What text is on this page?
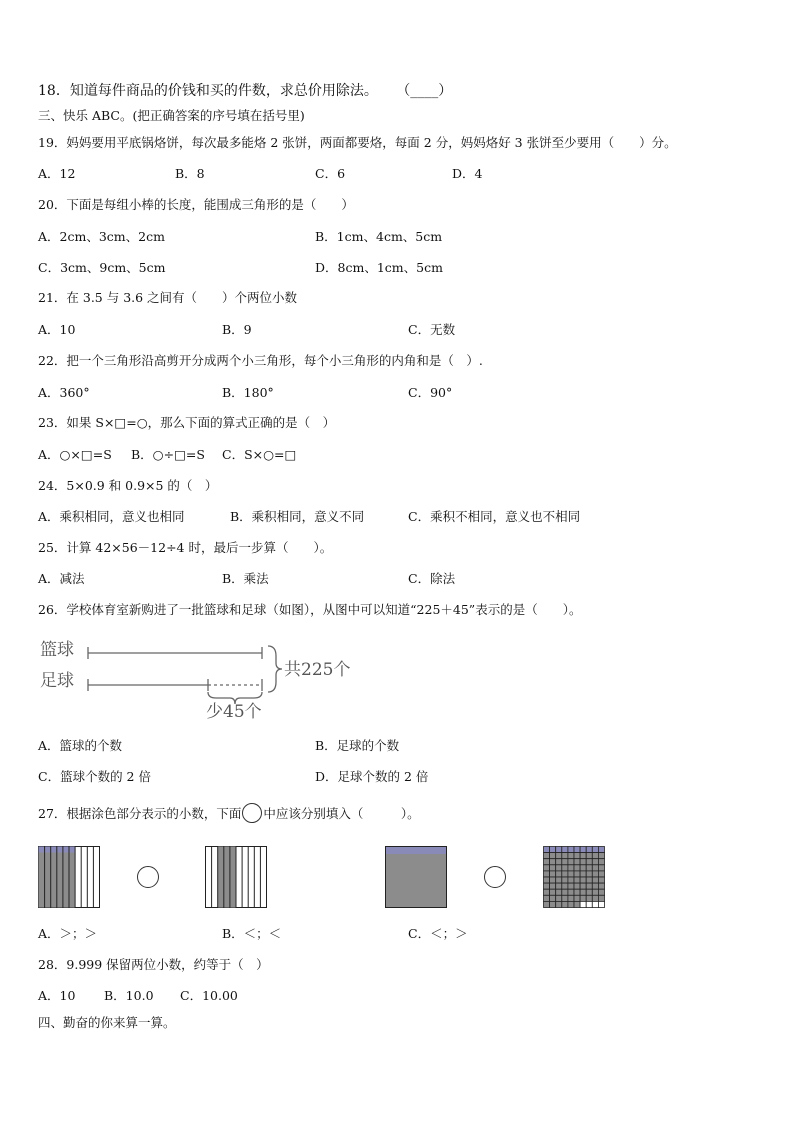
18．知道每件商品的价钱和买的件数，求总价用除法。 （____）
三、快乐 ABC。(把正确答案的序号填在括号里)
19．妈妈要用平底锅烙饼，每次最多能烙 2 张饼，两面都要烙，每面 2 分，妈妈烙好 3 张饼至少要用（　　）分。
A．12	B．8	C．6	D．4
20．下面是每组小棒的长度，能围成三角形的是（　　）
A．2cm、3cm、2cm	B．1cm、4cm、5cm
C．3cm、9cm、5cm	D．8cm、1cm、5cm
21．在 3.5 与 3.6 之间有（　　）个两位小数
A．10	B．9	C．无数
22．把一个三角形沿高剪开分成两个小三角形，每个小三角形的内角和是（　）.
A．360°	B．180°	C．90°
23．如果 S×□=○，那么下面的算式正确的是（　）
A．○×□=S B．○÷□=S C．S×○=□
24．5×0.9 和 0.9×5 的（　）
A．乘积相同，意义也相同	B．乘积相同，意义不同	C．乘积不相同，意义也不相同
25．计算 42×56－12÷4 时，最后一步算（　　）。
A．减法	B．乘法	C．除法
26．学校体育室新购进了一批篮球和足球（如图），从图中可以知道“225＋45”表示的是（　　）。
篮球
足球
共225个
少45个
A．篮球的个数	B．足球的个数
C．篮球个数的 2 倍	D．足球个数的 2 倍
27．根据涂色部分表示的小数，下面 中应该分别填入（　　　）。
A．＞；＞	B．＜；＜	C．＜；＞
28．9.999 保留两位小数，约等于（　）
A．10 B．10.0 C．10.00
四、勤奋的你来算一算。
